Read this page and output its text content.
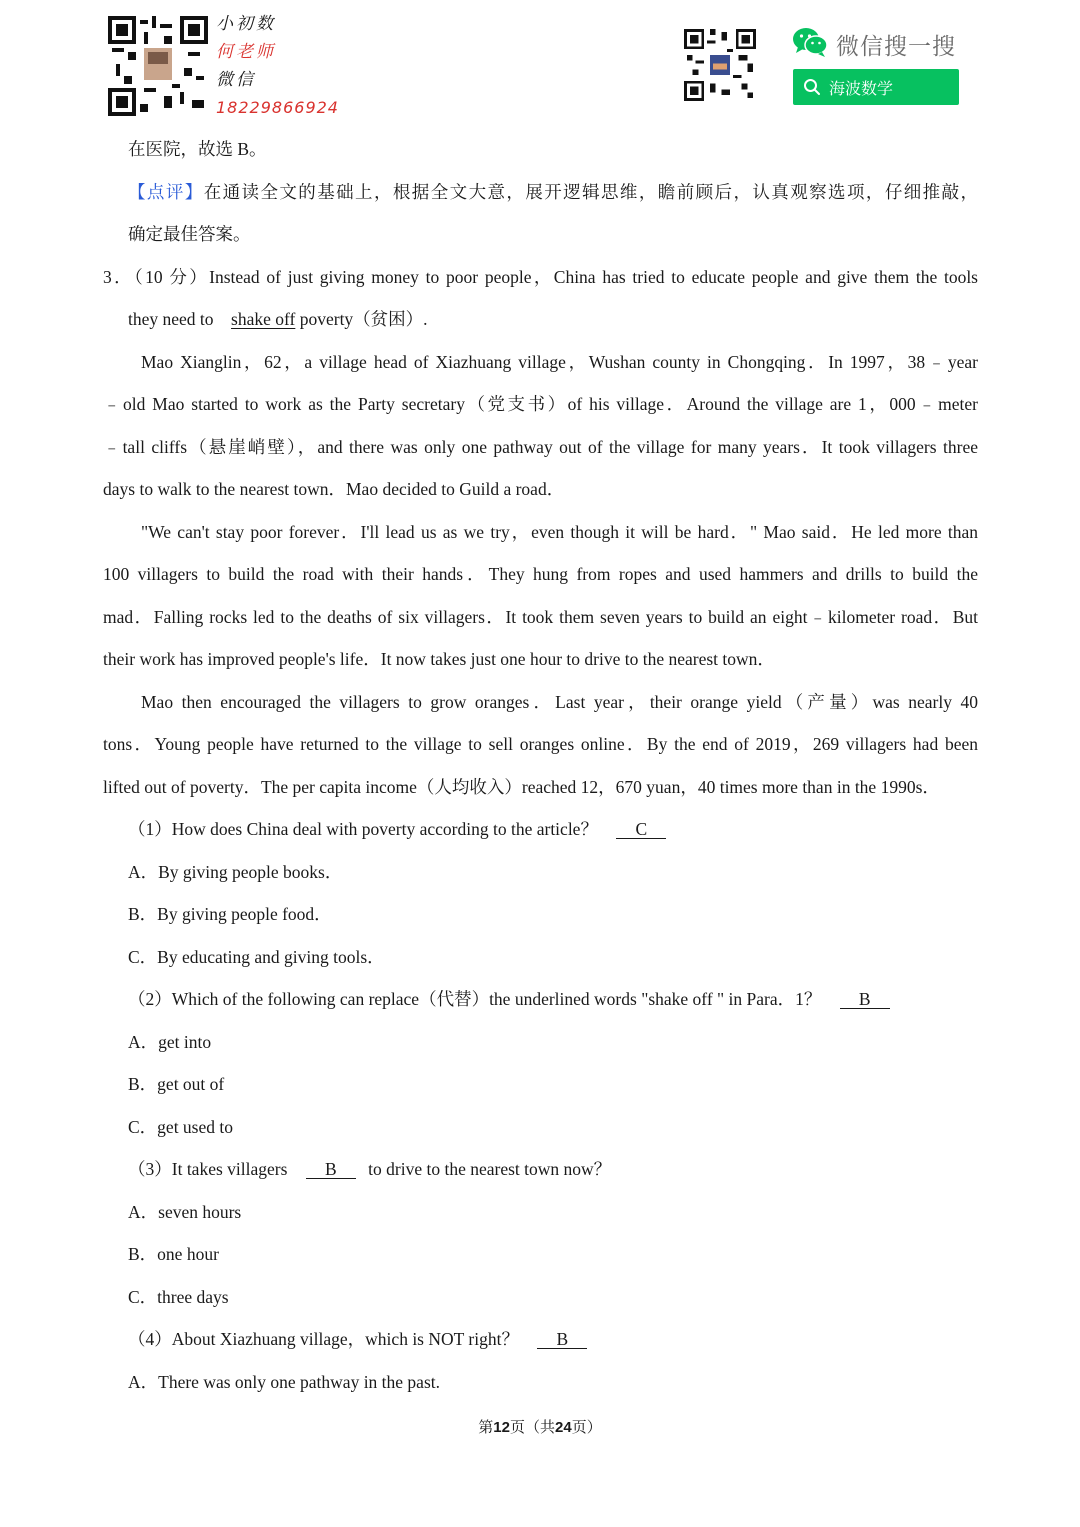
小初数
何老师
微信
18229866924
微信搜一搜
海波数学
在医院，故选 B。
【点评】在通读全文的基础上，根据全文大意，展开逻辑思维，瞻前顾后，认真观察选项，仔细推敲，
确定最佳答案。
3．（10 分）Instead of just giving money to poor people，China has tried to educate people and give them the tools
they need to shake off poverty（贫困）.
Mao Xianglin，62，a village head of Xiazhuang village，Wushan county in Chongqing．In 1997，38﹣year
﹣old Mao started to work as the Party secretary（党支书）of his village．Around the village are 1，000﹣meter
﹣tall cliffs（悬崖峭壁），and there was only one pathway out of the village for many years．It took villagers three
days to walk to the nearest town．Mao decided to Guild a road．
"We can't stay poor forever．I'll lead us as we try，even though it will be hard．" Mao said．He led more than
100 villagers to build the road with their hands．They hung from ropes and used hammers and drills to build the
mad．Falling rocks led to the deaths of six villagers．It took them seven years to build an eight﹣kilometer road．But
their work has improved people's life．It now takes just one hour to drive to the nearest town．
Mao then encouraged the villagers to grow oranges．Last year，their orange yield（产量）was nearly 40
tons．Young people have returned to the village to sell oranges online．By the end of 2019，269 villagers had been
lifted out of poverty．The per capita income（人均收入）reached 12，670 yuan，40 times more than in the 1990s．
（1）How does China deal with poverty according to the article？ C
A．By giving people books．
B．By giving people food．
C．By educating and giving tools．
（2）Which of the following can replace（代替）the underlined words "shake off " in Para．1？ B
A．get into
B．get out of
C．get used to
（3）It takes villagers B to drive to the nearest town now？
A．seven hours
B．one hour
C．three days
（4）About Xiazhuang village，which is NOT right？ B
A．There was only one pathway in the past.
第12页（共24页）
